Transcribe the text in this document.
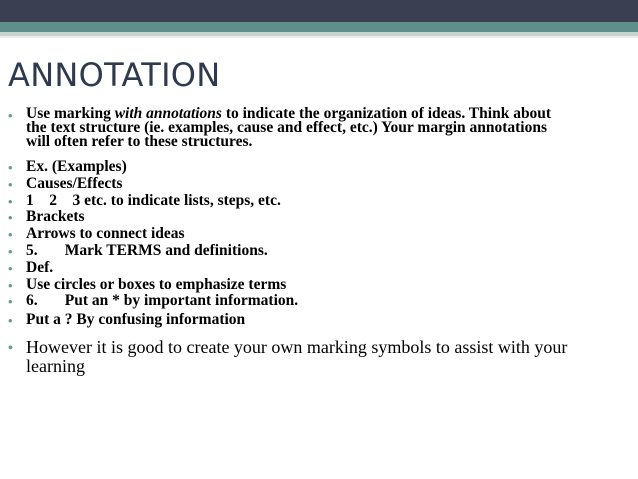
ANNOTATION
• Use marking with annotations to indicate the organization of ideas. Think about the text structure (ie. examples, cause and effect, etc.) Your margin annotations will often refer to these structures.
• Ex. (Examples)
• Causes/Effects
• 1    2    3 etc. to indicate lists, steps, etc.
• Brackets
• Arrows to connect ideas
• 5.       Mark TERMS and definitions.
• Def.
• Use circles or boxes to emphasize terms
• 6.       Put an * by important information.
• Put a ? By confusing information
• However it is good to create your own marking symbols to assist with your learning
